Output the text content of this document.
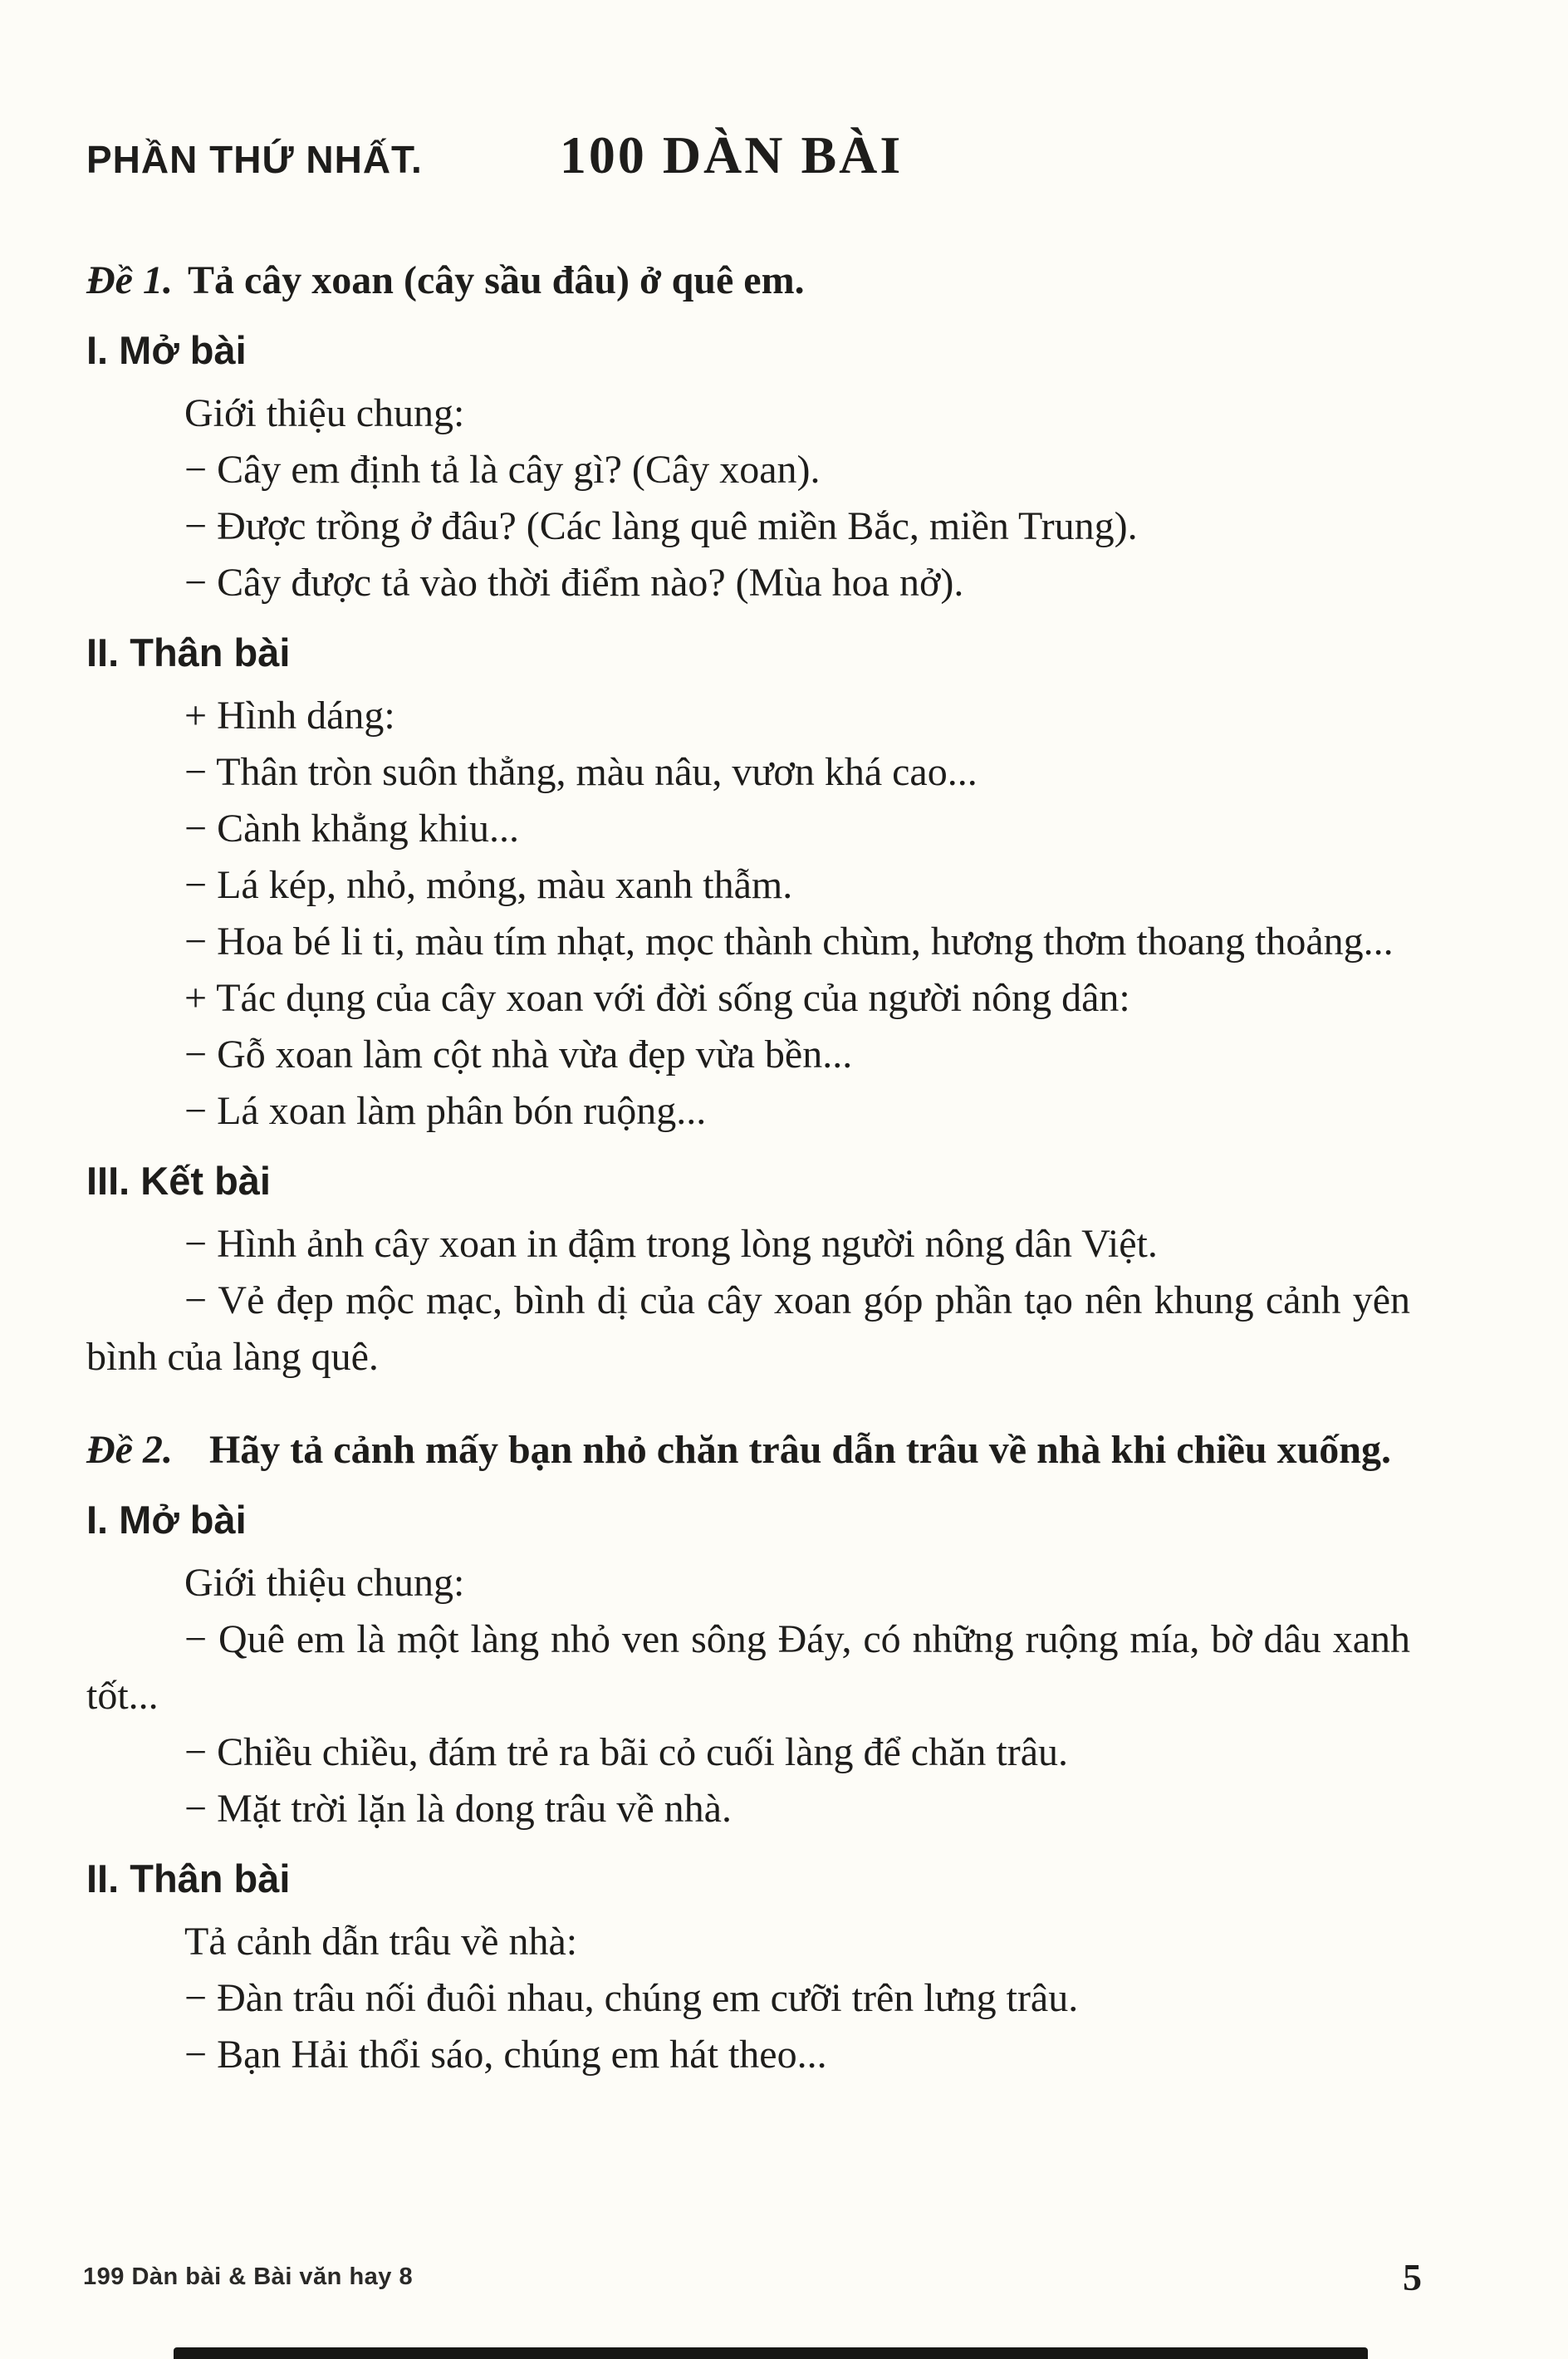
PHẦN THỨ NHẤT.	100 DÀN BÀI

Đề 1. Tả cây xoan (cây sầu đâu) ở quê em.

I. Mở bài

Giới thiệu chung:

− Cây em định tả là cây gì? (Cây xoan).

− Được trồng ở đâu? (Các làng quê miền Bắc, miền Trung).

− Cây được tả vào thời điểm nào? (Mùa hoa nở).

II. Thân bài

+ Hình dáng:

− Thân tròn suôn thẳng, màu nâu, vươn khá cao...

− Cành khẳng khiu...

− Lá kép, nhỏ, mỏng, màu xanh thẫm.

− Hoa bé li ti, màu tím nhạt, mọc thành chùm, hương thơm thoang thoảng...

+ Tác dụng của cây xoan với đời sống của người nông dân:

− Gỗ xoan làm cột nhà vừa đẹp vừa bền...

− Lá xoan làm phân bón ruộng...

III. Kết bài

− Hình ảnh cây xoan in đậm trong lòng người nông dân Việt.

− Vẻ đẹp mộc mạc, bình dị của cây xoan góp phần tạo nên khung cảnh yên bình của làng quê.

Đề 2. Hãy tả cảnh mấy bạn nhỏ chăn trâu dẫn trâu về nhà khi chiều xuống.

I. Mở bài

Giới thiệu chung:

− Quê em là một làng nhỏ ven sông Đáy, có những ruộng mía, bờ dâu xanh tốt...

− Chiều chiều, đám trẻ ra bãi cỏ cuối làng để chăn trâu.

− Mặt trời lặn là dong trâu về nhà.

II. Thân bài

Tả cảnh dẫn trâu về nhà:

− Đàn trâu nối đuôi nhau, chúng em cưỡi trên lưng trâu.

− Bạn Hải thổi sáo, chúng em hát theo...

199 Dàn bài & Bài văn hay 8	5
